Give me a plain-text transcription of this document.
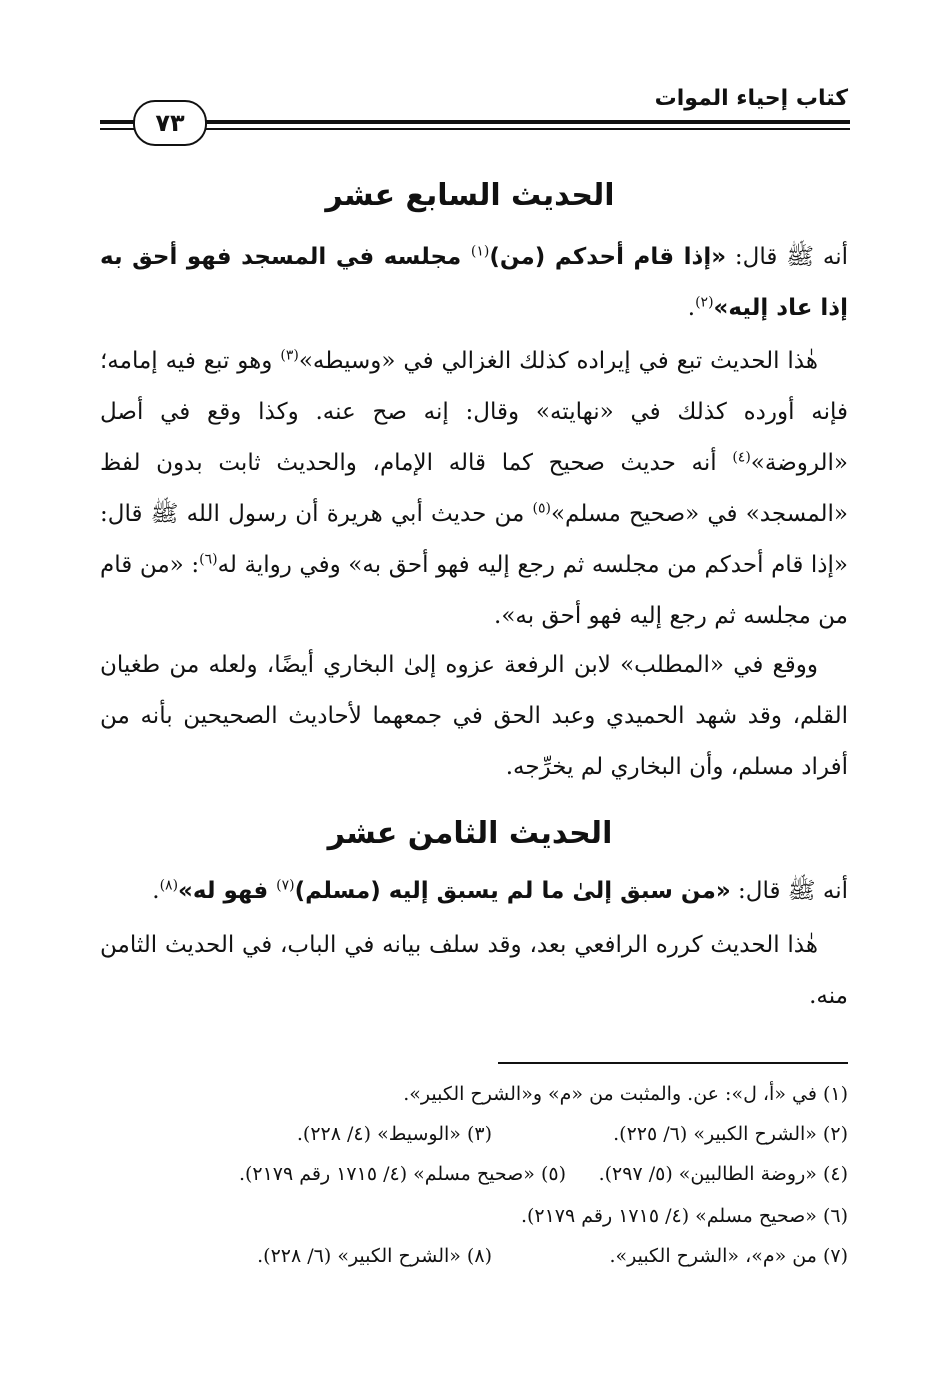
كتاب إحياء الموات
٧٣
الحديث السابع عشر

أنه ﷺ قال: «إذا قام أحدكم (من)$^{(١)}$ مجلسه في المسجد فهو أحق به إذا عاد إليه»$^{(٢)}$.

هٰذا الحديث تبع في إيراده كذلك الغزالي في «وسيطه»$^{(٣)}$ وهو تبع فيه إمامه؛ فإنه أورده كذلك في «نهايته» وقال: إنه صح عنه. وكذا وقع في أصل «الروضة»$^{(٤)}$ أنه حديث صحيح كما قاله الإمام، والحديث ثابت بدون لفظ «المسجد» في «صحيح مسلم»$^{(٥)}$ من حديث أبي هريرة أن رسول الله ﷺ قال: «إذا قام أحدكم من مجلسه ثم رجع إليه فهو أحق به» وفي رواية له$^{(٦)}$: «من قام من مجلسه ثم رجع إليه فهو أحق به».

ووقع في «المطلب» لابن الرفعة عزوه إلىٰ البخاري أيضًا، ولعله من طغيان القلم، وقد شهد الحميدي وعبد الحق في جمعهما لأحاديث الصحيحين بأنه من أفراد مسلم، وأن البخاري لم يخرِّجه.

الحديث الثامن عشر

أنه ﷺ قال: «من سبق إلىٰ ما لم يسبق إليه (مسلم)$^{(٧)}$ فهو له»$^{(٨)}$.

هٰذا الحديث كرره الرافعي بعد، وقد سلف بيانه في الباب، في الحديث الثامن منه.

(١) في «أ، ل»: عن. والمثبت من «م» و«الشرح الكبير».
(٢) «الشرح الكبير» (٦/ ٢٢٥).
(٣) «الوسيط» (٤/ ٢٢٨).
(٤) «روضة الطالبين» (٥/ ٢٩٧).
(٥) «صحيح مسلم» (٤/ ١٧١٥ رقم ٢١٧٩).
(٦) «صحيح مسلم» (٤/ ١٧١٥ رقم ٢١٧٩).
(٧) من «م»، «الشرح الكبير».
(٨) «الشرح الكبير» (٦/ ٢٢٨).
